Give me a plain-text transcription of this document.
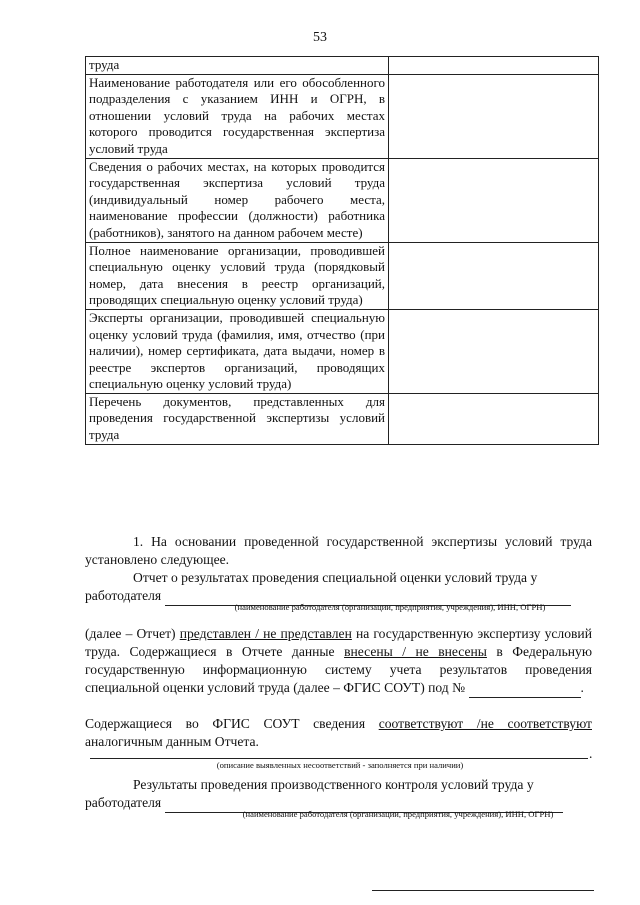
53
труда	
Наименование работодателя или его обособленного подразделения с указанием ИНН и ОГРН, в отношении условий труда на рабочих местах которого проводится государственная экспертиза условий труда	
Сведения о рабочих местах, на которых проводится государственная экспертиза условий труда (индивидуальный номер рабочего места, наименование профессии (должности) работника (работников), занятого на данном рабочем месте)	
Полное наименование организации, проводившей специальную оценку условий труда (порядковый номер, дата внесения в реестр организаций, проводящих специальную оценку условий труда)	
Эксперты организации, проводившей специальную оценку условий труда (фамилия, имя, отчество (при наличии), номер сертификата, дата выдачи, номер в реестре экспертов организаций, проводящих специальную оценку условий труда)	
Перечень документов, представленных для проведения государственной экспертизы условий труда	
1. На основании проведенной государственной экспертизы условий труда установлено следующее.
Отчет о результатах проведения специальной оценки условий труда у
работодателя
(наименование работодателя (организации, предприятия, учреждения), ИНН, ОГРН)
(далее – Отчет) представлен / не представлен на государственную экспертизу условий труда. Содержащиеся в Отчете данные внесены / не внесены в Федеральную государственную информационную систему учета результатов проведения специальной оценки условий труда (далее – ФГИС СОУТ) под №	.
Содержащиеся во ФГИС СОУТ сведения соответствуют /не соответствуют аналогичным данным Отчета.
.
(описание выявленных несоответствий - заполняется при наличии)
Результаты проведения производственного контроля условий труда у
работодателя
(наименование работодателя (организации, предприятия, учреждения), ИНН, ОГРН)
